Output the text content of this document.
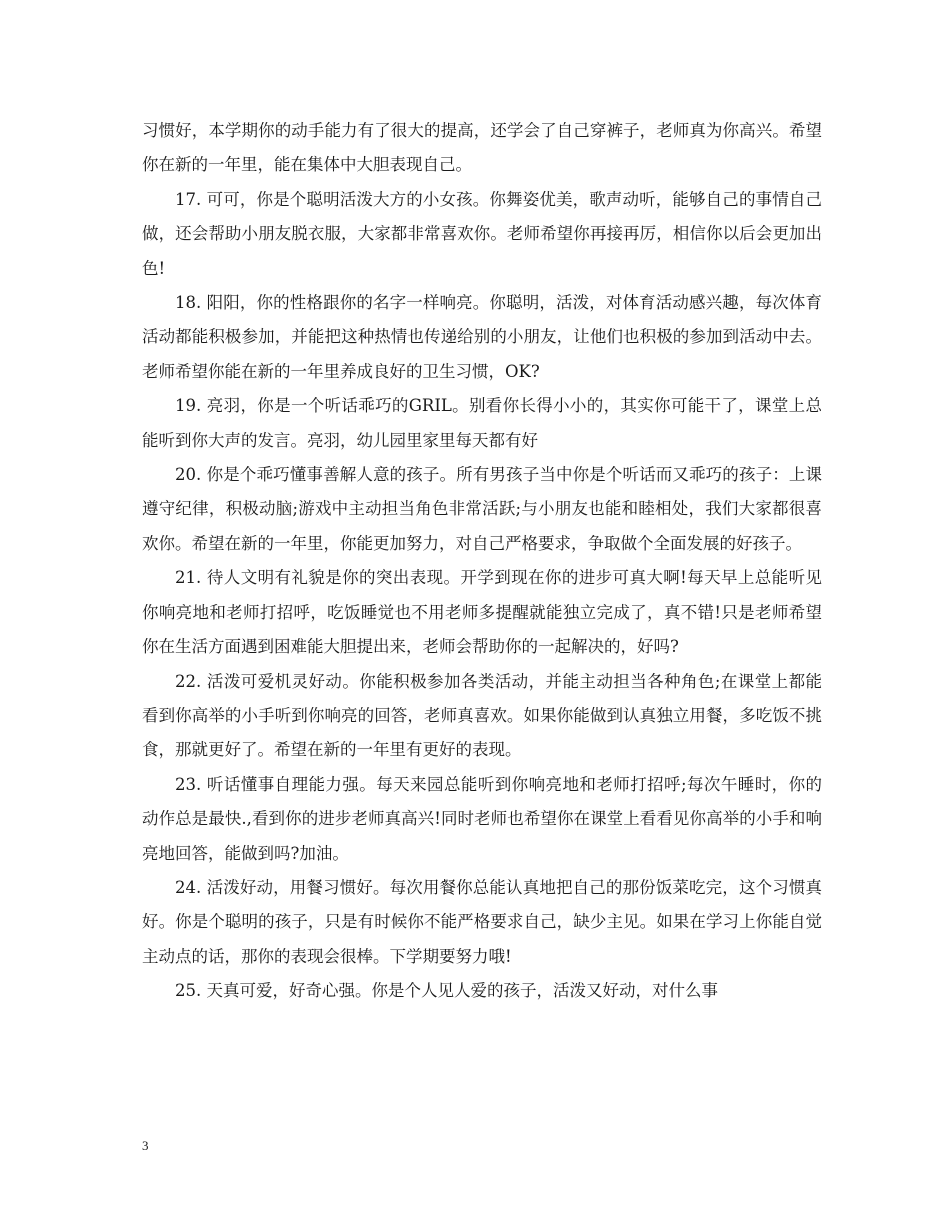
习惯好，本学期你的动手能力有了很大的提高，还学会了自己穿裤子，老师真为你高兴。希望你在新的一年里，能在集体中大胆表现自己。

17. 可可，你是个聪明活泼大方的小女孩。你舞姿优美，歌声动听，能够自己的事情自己做，还会帮助小朋友脱衣服，大家都非常喜欢你。老师希望你再接再厉，相信你以后会更加出色!

18. 阳阳，你的性格跟你的名字一样响亮。你聪明，活泼，对体育活动感兴趣，每次体育活动都能积极参加，并能把这种热情也传递给别的小朋友，让他们也积极的参加到活动中去。老师希望你能在新的一年里养成良好的卫生习惯，OK?

19. 亮羽，你是一个听话乖巧的GRIL。别看你长得小小的，其实你可能干了，课堂上总能听到你大声的发言。亮羽，幼儿园里家里每天都有好

20. 你是个乖巧懂事善解人意的孩子。所有男孩子当中你是个听话而又乖巧的孩子：上课遵守纪律，积极动脑;游戏中主动担当角色非常活跃;与小朋友也能和睦相处，我们大家都很喜欢你。希望在新的一年里，你能更加努力，对自己严格要求，争取做个全面发展的好孩子。

21. 待人文明有礼貌是你的突出表现。开学到现在你的进步可真大啊!每天早上总能听见你响亮地和老师打招呼，吃饭睡觉也不用老师多提醒就能独立完成了，真不错!只是老师希望你在生活方面遇到困难能大胆提出来，老师会帮助你的一起解决的，好吗?

22. 活泼可爱机灵好动。你能积极参加各类活动，并能主动担当各种角色;在课堂上都能看到你高举的小手听到你响亮的回答，老师真喜欢。如果你能做到认真独立用餐，多吃饭不挑食，那就更好了。希望在新的一年里有更好的表现。

23. 听话懂事自理能力强。每天来园总能听到你响亮地和老师打招呼;每次午睡时，你的动作总是最快.,看到你的进步老师真高兴!同时老师也希望你在课堂上看看见你高举的小手和响亮地回答，能做到吗?加油。

24. 活泼好动，用餐习惯好。每次用餐你总能认真地把自己的那份饭菜吃完，这个习惯真好。你是个聪明的孩子，只是有时候你不能严格要求自己，缺少主见。如果在学习上你能自觉主动点的话，那你的表现会很棒。下学期要努力哦!

25. 天真可爱，好奇心强。你是个人见人爱的孩子，活泼又好动，对什么事

3
